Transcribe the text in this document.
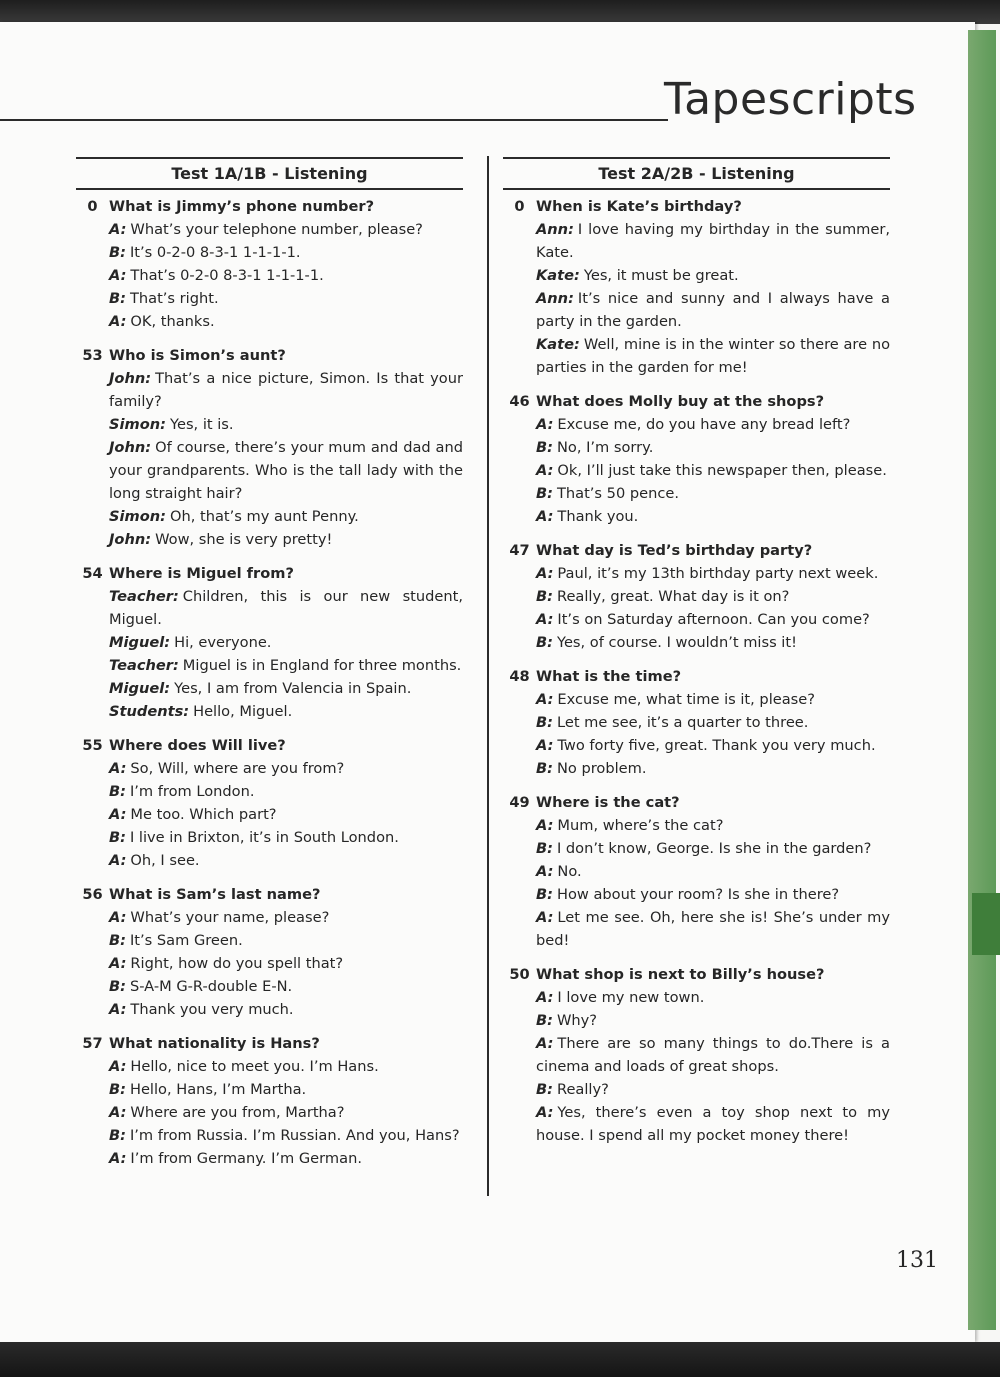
Tapescripts
Test 1A/1B - Listening
0 What is Jimmy’s phone number?
A: What’s your telephone number, please?
B: It’s 0-2-0 8-3-1 1-1-1-1.
A: That’s 0-2-0 8-3-1 1-1-1-1.
B: That’s right.
A: OK, thanks.
53 Who is Simon’s aunt?
John: That’s a nice picture, Simon. Is that your family?
Simon: Yes, it is.
John: Of course, there’s your mum and dad and your grandparents. Who is the tall lady with the long straight hair?
Simon: Oh, that’s my aunt Penny.
John: Wow, she is very pretty!
54 Where is Miguel from?
Teacher: Children, this is our new student, Miguel.
Miguel: Hi, everyone.
Teacher: Miguel is in England for three months.
Miguel: Yes, I am from Valencia in Spain.
Students: Hello, Miguel.
55 Where does Will live?
A: So, Will, where are you from?
B: I’m from London.
A: Me too. Which part?
B: I live in Brixton, it’s in South London.
A: Oh, I see.
56 What is Sam’s last name?
A: What’s your name, please?
B: It’s Sam Green.
A: Right, how do you spell that?
B: S-A-M G-R-double E-N.
A: Thank you very much.
57 What nationality is Hans?
A: Hello, nice to meet you. I’m Hans.
B: Hello, Hans, I’m Martha.
A: Where are you from, Martha?
B: I’m from Russia. I’m Russian. And you, Hans?
A: I’m from Germany. I’m German.
Test 2A/2B - Listening
0 When is Kate’s birthday?
Ann: I love having my birthday in the summer, Kate.
Kate: Yes, it must be great.
Ann: It’s nice and sunny and I always have a party in the garden.
Kate: Well, mine is in the winter so there are no parties in the garden for me!
46 What does Molly buy at the shops?
A: Excuse me, do you have any bread left?
B: No, I’m sorry.
A: Ok, I’ll just take this newspaper then, please.
B: That’s 50 pence.
A: Thank you.
47 What day is Ted’s birthday party?
A: Paul, it’s my 13th birthday party next week.
B: Really, great. What day is it on?
A: It’s on Saturday afternoon. Can you come?
B: Yes, of course. I wouldn’t miss it!
48 What is the time?
A: Excuse me, what time is it, please?
B: Let me see, it’s a quarter to three.
A: Two forty five, great. Thank you very much.
B: No problem.
49 Where is the cat?
A: Mum, where’s the cat?
B: I don’t know, George. Is she in the garden?
A: No.
B: How about your room? Is she in there?
A: Let me see. Oh, here she is! She’s under my bed!
50 What shop is next to Billy’s house?
A: I love my new town.
B: Why?
A: There are so many things to do.There is a cinema and loads of great shops.
B: Really?
A: Yes, there’s even a toy shop next to my house. I spend all my pocket money there!
131
